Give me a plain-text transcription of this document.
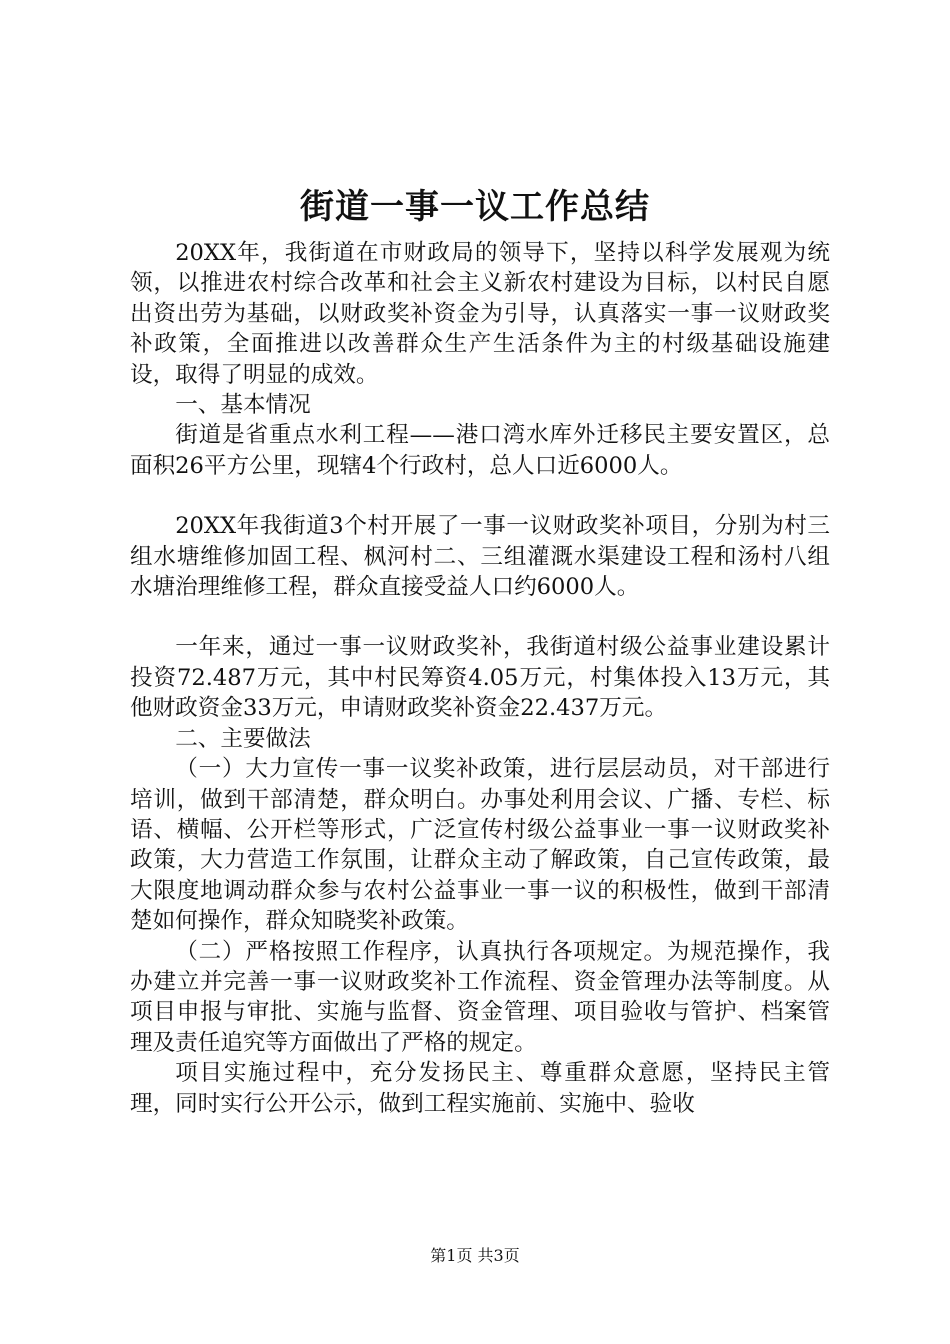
街道一事一议工作总结

20XX年，我街道在市财政局的领导下，坚持以科学发展观为统领，以推进农村综合改革和社会主义新农村建设为目标，以村民自愿出资出劳为基础，以财政奖补资金为引导，认真落实一事一议财政奖补政策，全面推进以改善群众生产生活条件为主的村级基础设施建设，取得了明显的成效。

一、基本情况

街道是省重点水利工程——港口湾水库外迁移民主要安置区，总面积26平方公里，现辖4个行政村，总人口近6000人。

20XX年我街道3个村开展了一事一议财政奖补项目，分别为村三组水塘维修加固工程、枫河村二、三组灌溉水渠建设工程和汤村八组水塘治理维修工程，群众直接受益人口约6000人。

一年来，通过一事一议财政奖补，我街道村级公益事业建设累计投资72.487万元，其中村民筹资4.05万元，村集体投入13万元，其他财政资金33万元，申请财政奖补资金22.437万元。

二、主要做法

（一）大力宣传一事一议奖补政策，进行层层动员，对干部进行培训，做到干部清楚，群众明白。办事处利用会议、广播、专栏、标语、横幅、公开栏等形式，广泛宣传村级公益事业一事一议财政奖补政策，大力营造工作氛围，让群众主动了解政策，自己宣传政策，最大限度地调动群众参与农村公益事业一事一议的积极性，做到干部清楚如何操作，群众知晓奖补政策。

（二）严格按照工作程序，认真执行各项规定。为规范操作，我办建立并完善一事一议财政奖补工作流程、资金管理办法等制度。从项目申报与审批、实施与监督、资金管理、项目验收与管护、档案管理及责任追究等方面做出了严格的规定。

项目实施过程中，充分发扬民主、尊重群众意愿，坚持民主管理，同时实行公开公示，做到工程实施前、实施中、验收

第1页 共3页
